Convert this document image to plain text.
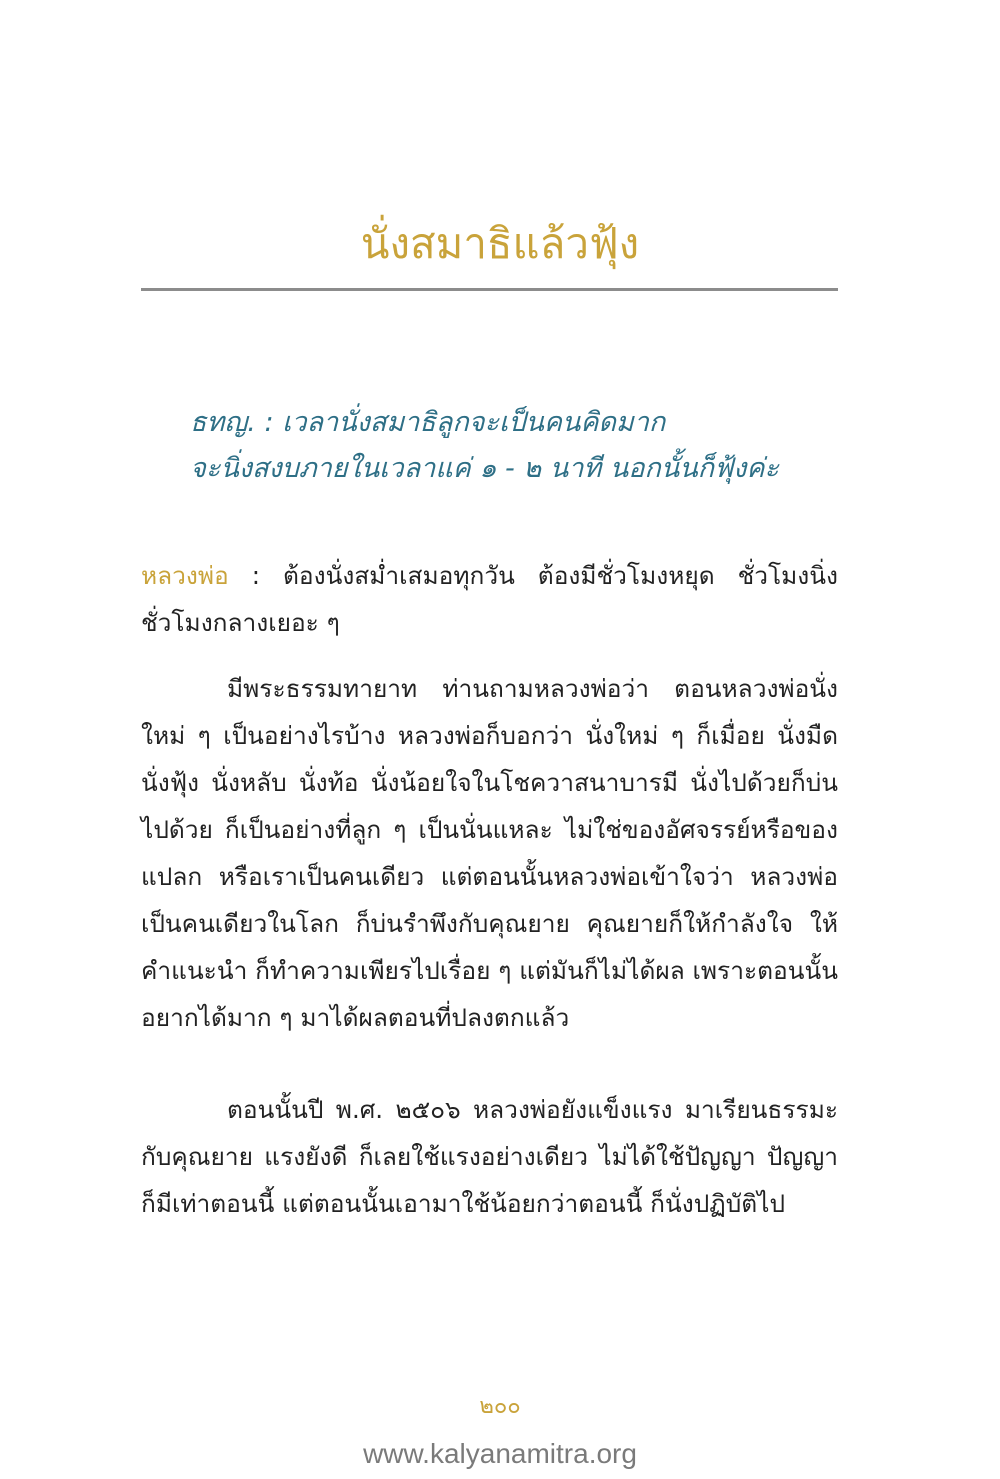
นั่งสมาธิแล้วฟุ้ง

ธทญ. : เวลานั่งสมาธิลูกจะเป็นคนคิดมาก
จะนิ่งสงบภายในเวลาแค่ ๑ - ๒ นาที นอกนั้นก็ฟุ้งค่ะ

หลวงพ่อ : ต้องนั่งสม่ำเสมอทุกวัน ต้องมีชั่วโมงหยุด ชั่วโมงนิ่ง ชั่วโมงกลางเยอะ ๆ

มีพระธรรมทายาท ท่านถามหลวงพ่อว่า ตอนหลวงพ่อนั่งใหม่ ๆ เป็นอย่างไรบ้าง หลวงพ่อก็บอกว่า นั่งใหม่ ๆ ก็เมื่อย นั่งมืด นั่งฟุ้ง นั่งหลับ นั่งท้อ นั่งน้อยใจในโชควาสนาบารมี นั่งไปด้วยก็บ่นไปด้วย ก็เป็นอย่างที่ลูก ๆ เป็นนั่นแหละ ไม่ใช่ของอัศจรรย์หรือของแปลก หรือเราเป็นคนเดียว แต่ตอนนั้นหลวงพ่อเข้าใจว่า หลวงพ่อเป็นคนเดียวในโลก ก็บ่นรำพึงกับคุณยาย คุณยายก็ให้กำลังใจ ให้คำแนะนำ ก็ทำความเพียรไปเรื่อย ๆ แต่มันก็ไม่ได้ผล เพราะตอนนั้นอยากได้มาก ๆ มาได้ผลตอนที่ปลงตกแล้ว

ตอนนั้นปี พ.ศ. ๒๕๐๖ หลวงพ่อยังแข็งแรง มาเรียนธรรมะกับคุณยาย แรงยังดี ก็เลยใช้แรงอย่างเดียว ไม่ได้ใช้ปัญญา ปัญญาก็มีเท่าตอนนี้ แต่ตอนนั้นเอามาใช้น้อยกว่าตอนนี้ ก็นั่งปฏิบัติไป

๒๐๐
www.kalyanamitra.org
